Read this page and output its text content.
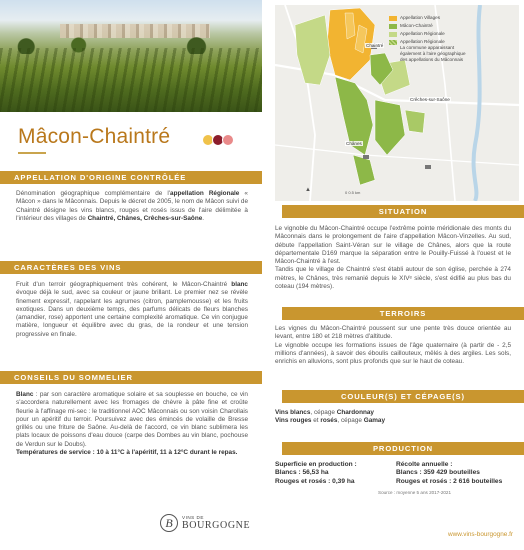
Mâcon-Chaintré
APPELLATION D'ORIGINE CONTRÔLÉE
Dénomination géographique complémentaire de l'appellation Régionale « Mâcon » dans le Mâconnais. Depuis le décret de 2005, le nom de Mâcon suivi de Chaintré désigne les vins blancs, rouges et rosés issus de l'aire délimitée à l'intérieur des villages de Chaintré, Chânes, Crêches-sur-Saône.
CARACTÈRES DES VINS
Fruit d'un terroir géographiquement très cohérent, le Mâcon-Chaintré blanc évoque déjà le sud, avec sa couleur or jaune brillant. Le premier nez se révèle finement expressif, rappelant les agrumes (citron, pamplemousse) et les fruits exotiques. Dans un deuxième temps, des parfums délicats de fleurs blanches (amandier, rose) apportent une certaine complexité aromatique. Ce vin conjugue matière, longueur et équilibre avec du gras, de la rondeur et une tension progressive en finale.
CONSEILS DU SOMMELIER
Blanc : par son caractère aromatique solaire et sa souplesse en bouche, ce vin s'accordera naturellement avec les fromages de chèvre à pâte fine et croûte fleurie à l'affinage mi-sec : le traditionnel AOC Mâconnais ou son voisin Charollais pour un apéritif du terroir. Poursuivez avec des émincés de volaille de Bresse grillés ou une friture de Saône. Au-delà de l'accord, ce vin blanc sublimera les plats locaux de poissons d'eau douce (carpe des Dombes au vin blanc, pochouse de Verdun sur le Doubs).
Températures de service : 10 à 11°C à l'apéritif, 11 à 12°C durant le repas.
Appellation Villages
Mâcon-Chaintré
Appellation Régionale
Appellation Régionale
La commune apparaissant
également à l'aire géographique
des appellations du Mâconnais
Chaintré
Chânes
Crêches-sur-Saône
▲	0 0.5 km
SITUATION

Le vignoble du Mâcon-Chaintré occupe l'extrême pointe méridionale des monts du Mâconnais dans le prolongement de l'aire d'appellation Mâcon-Vinzelles. Au sud, débute l'appellation Saint-Véran sur le village de Chânes, alors que la route départementale D169 marque la séparation entre le Pouilly-Fuissé à l'ouest et le Mâcon-Chaintré à l'est.

Tandis que le village de Chaintré s'est établi autour de son église, perchée à 274 mètres, le Chânes, très remanié depuis le XIVᵉ siècle, s'est édifié au plus bas du coteau (194 mètres).

TERROIRS

Les vignes du Mâcon-Chaintré poussent sur une pente très douce orientée au levant, entre 180 et 218 mètres d'altitude.

Le vignoble occupe les formations issues de l'âge quaternaire (à partir de - 2,5 millions d'années), à savoir des éboulis caillouteux, mêlés à des argiles. Les sols, enrichis en alluvions, sont plus profonds que sur le haut de coteau.

COULEUR(S) ET CÉPAGE(S)
Vins blancs, cépage Chardonnay
Vins rouges et rosés, cépage Gamay
PRODUCTION
Superficie en production :
Blancs : 56,53 ha
Rouges et rosés : 0,39 ha
Récolte annuelle :
Blancs : 359 429 bouteilles
Rouges et rosés : 2 616 bouteilles
Source : moyenne 5 ans 2017-2021
B	VINS DE
BOURGOGNE
www.vins-bourgogne.fr
